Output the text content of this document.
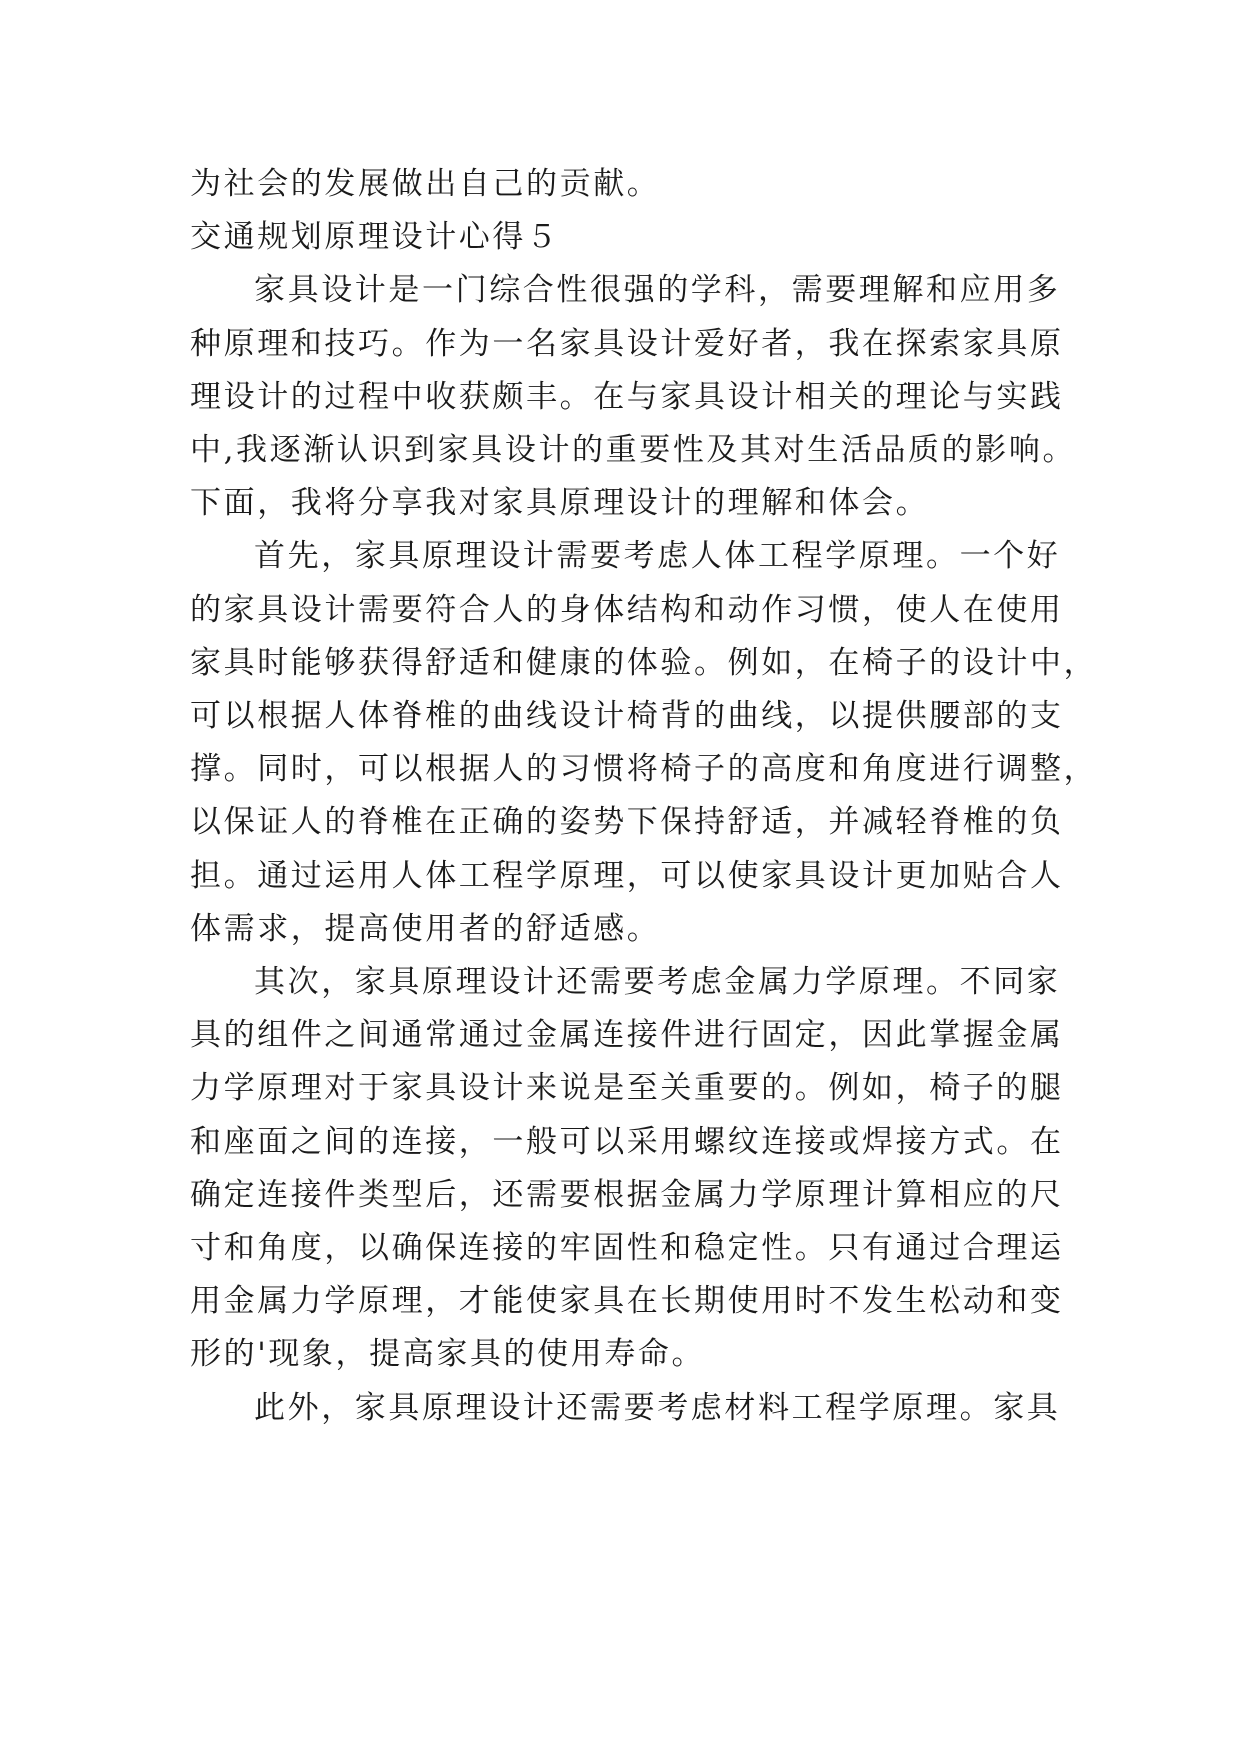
为社会的发展做出自己的贡献。

交通规划原理设计心得５

家具设计是一门综合性很强的学科，需要理解和应用多

种原理和技巧。作为一名家具设计爱好者，我在探索家具原

理设计的过程中收获颇丰。在与家具设计相关的理论与实践

中,我逐渐认识到家具设计的重要性及其对生活品质的影响。

下面，我将分享我对家具原理设计的理解和体会。

首先，家具原理设计需要考虑人体工程学原理。一个好

的家具设计需要符合人的身体结构和动作习惯，使人在使用

家具时能够获得舒适和健康的体验。例如，在椅子的设计中，

可以根据人体脊椎的曲线设计椅背的曲线，以提供腰部的支

撑。同时，可以根据人的习惯将椅子的高度和角度进行调整，

以保证人的脊椎在正确的姿势下保持舒适，并减轻脊椎的负

担。通过运用人体工程学原理，可以使家具设计更加贴合人

体需求，提高使用者的舒适感。

其次，家具原理设计还需要考虑金属力学原理。不同家

具的组件之间通常通过金属连接件进行固定，因此掌握金属

力学原理对于家具设计来说是至关重要的。例如，椅子的腿

和座面之间的连接，一般可以采用螺纹连接或焊接方式。在

确定连接件类型后，还需要根据金属力学原理计算相应的尺

寸和角度，以确保连接的牢固性和稳定性。只有通过合理运

用金属力学原理，才能使家具在长期使用时不发生松动和变

形的'现象，提高家具的使用寿命。

此外，家具原理设计还需要考虑材料工程学原理。家具
